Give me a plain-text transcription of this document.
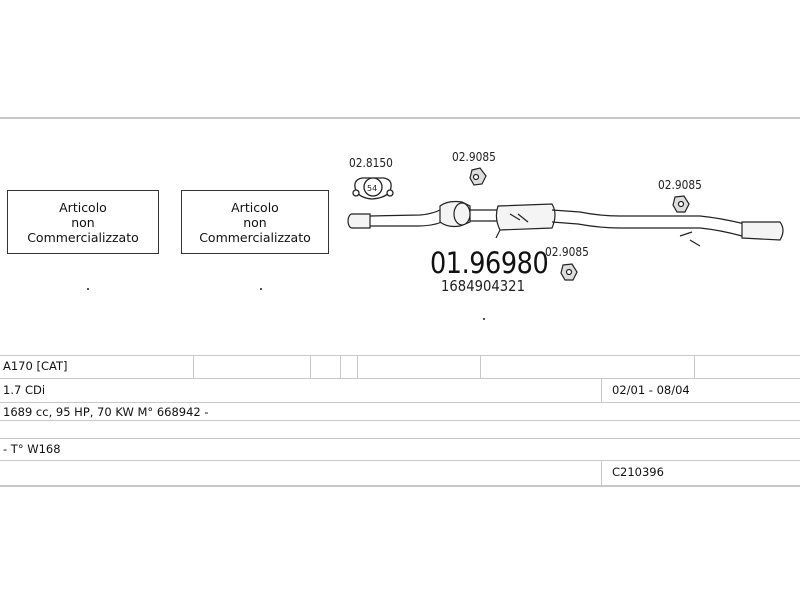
Articolo
non
Commercializzato
Articolo
non
Commercializzato
54
02.8150	02.9085
02.9085
02.9085
01.96980
1684904321
A170 [CAT]
1.7 CDi	02/01 - 08/04
1689 cc, 95 HP, 70 KW M° 668942 -
- T° W168
C210396
